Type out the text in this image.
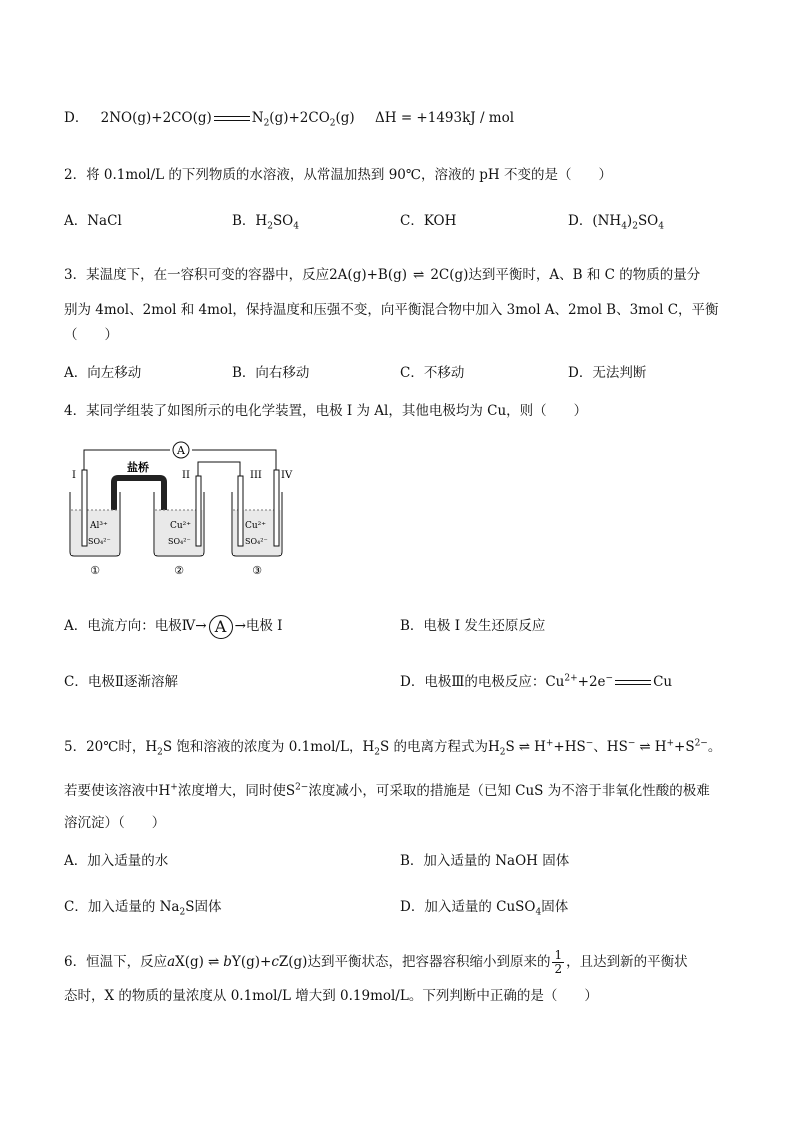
D． 2NO(g)+2CO(g)	$N_2(g)+2CO_2(g) \Delta H = +1493kJ$ / mol
2．将 0.1mol/L 的下列物质的水溶液，从常温加热到 90℃，溶液的 pH 不变的是（　　）
A．NaCl	B．$H_2SO_4$	C．KOH	D．$(NH_4)_2SO_4$
3．某温度下，在一容积可变的容器中，反应2A(g)+B(g) ⇌ 2C(g)达到平衡时，A、B 和 C 的物质的量分
别为 4mol、2mol 和 4mol，保持温度和压强不变，向平衡混合物中加入 3mol A、2mol B、3mol C，平衡
（　　）
A．向左移动	B．向右移动	C．不移动	D．无法判断
4．某同学组装了如图所示的电化学装置，电极 I 为 Al，其他电极均为 Cu，则（　　）
A
盐桥
I	II	III IV
Al³⁺
SO₄²⁻
Cu²⁺
SO₄²⁻
Cu²⁺
SO₄²⁻
①	②	③
A．电流方向：电极Ⅳ→ A →电极 I	B．电极 I 发生还原反应
C．电极Ⅱ逐渐溶解	D．电极Ⅲ的电极反应：$Cu^{2+}+2e^-$	Cu
5．20℃时，$H_2S$ 饱和溶液的浓度为 0.1mol/L，$H_2S$ 的电离方程式为$H_2S$ ⇌ H++HS−、HS− ⇌ $H^++S^{2-}$。
若要使该溶液中H+浓度增大，同时使$S^{2-}$浓度减小，可采取的措施是（已知 CuS 为不溶于非氧化性酸的极难
溶沉淀）（　　）
A．加入适量的水	B．加入适量的 NaOH 固体
C．加入适量的 $Na_2S$固体	D．加入适量的 CuSO$_4$固体
6．恒温下，反应aX(g) ⇌ bY(g)+cZ(g)达到平衡状态，把容器容积缩小到原来的 $\frac{1}{2}$ ，且达到新的平衡状
态时，X 的物质的量浓度从 0.1mol/L 增大到 0.19mol/L。下列判断中正确的是（　　）
